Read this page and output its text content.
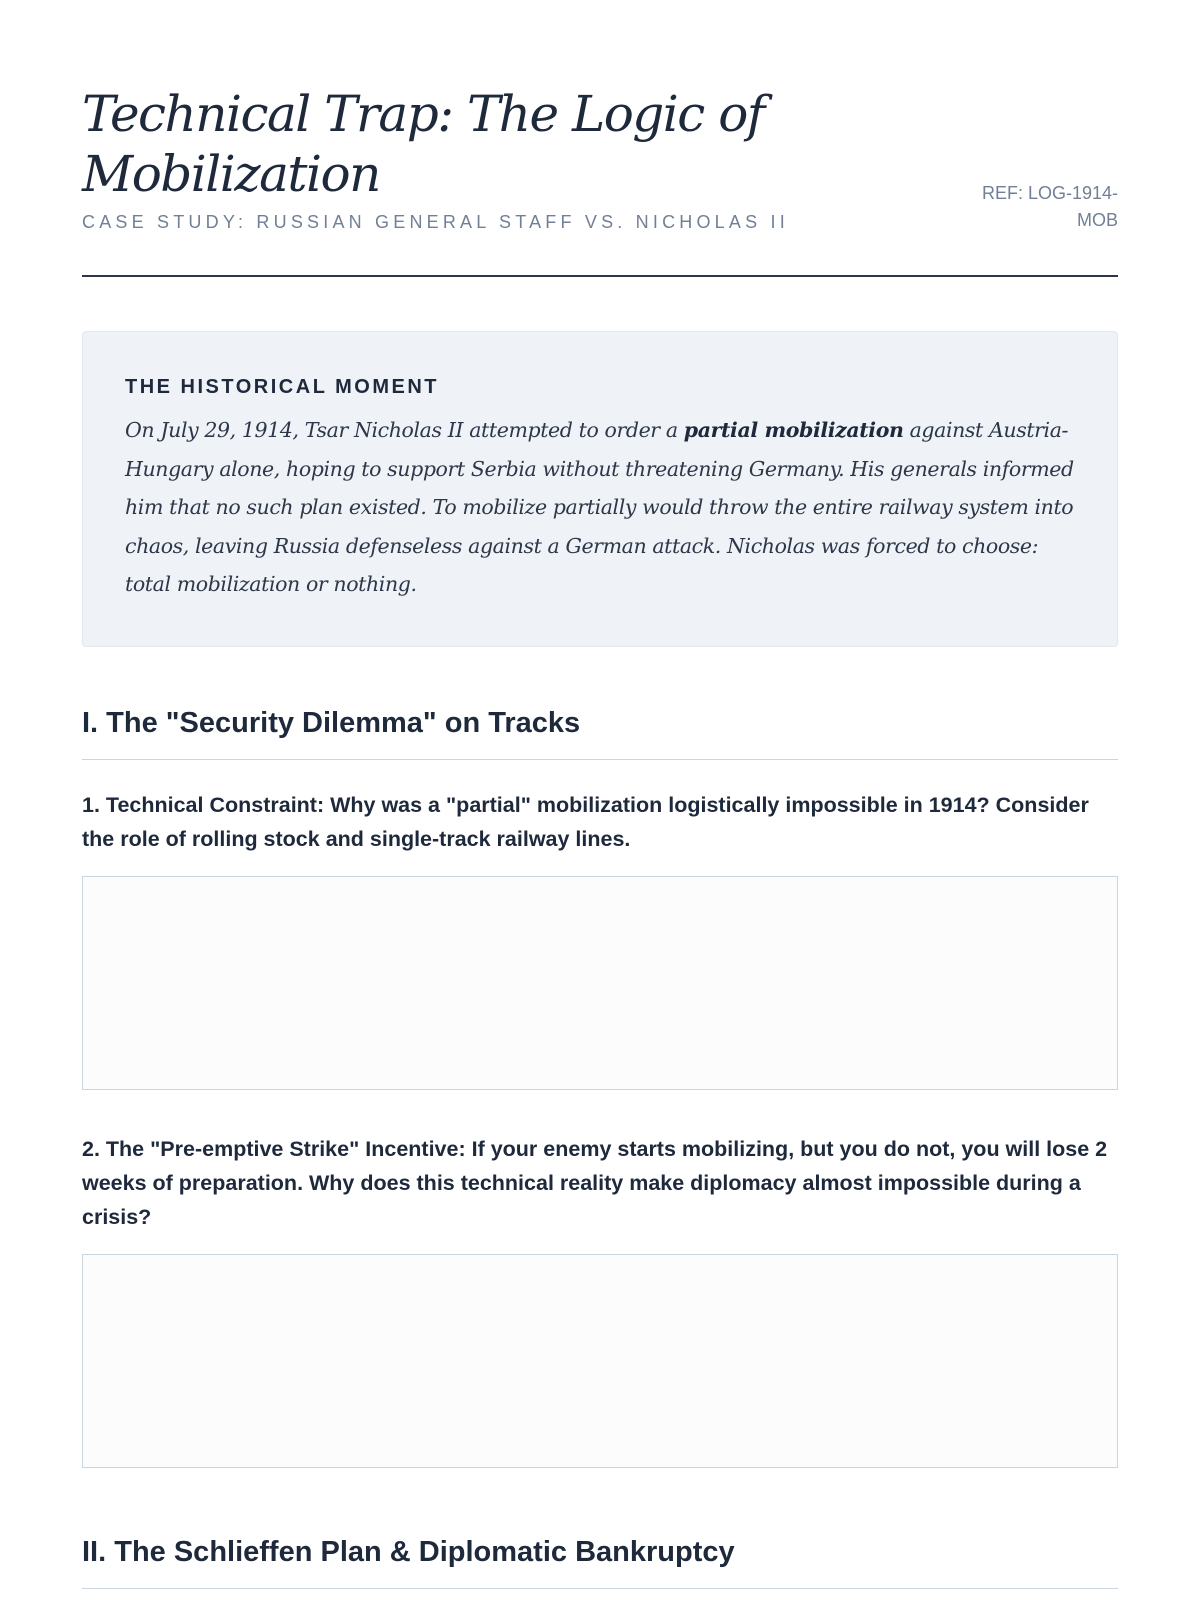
Technical Trap: The Logic of Mobilization
CASE STUDY: RUSSIAN GENERAL STAFF VS. NICHOLAS II
REF: LOG-1914-MOB
THE HISTORICAL MOMENT

On July 29, 1914, Tsar Nicholas II attempted to order a partial mobilization against Austria-Hungary alone, hoping to support Serbia without threatening Germany. His generals informed him that no such plan existed. To mobilize partially would throw the entire railway system into chaos, leaving Russia defenseless against a German attack. Nicholas was forced to choose: total mobilization or nothing.

I. The "Security Dilemma" on Tracks
1. Technical Constraint: Why was a "partial" mobilization logistically impossible in 1914? Consider the role of rolling stock and single-track railway lines.
2. The "Pre-emptive Strike" Incentive: If your enemy starts mobilizing, but you do not, you will lose 2 weeks of preparation. Why does this technical reality make diplomacy almost impossible during a crisis?
II. The Schlieffen Plan & Diplomatic Bankruptcy
